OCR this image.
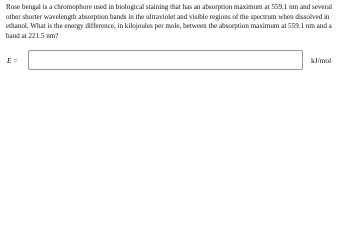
Rose bengal is a chromophore used in biological staining that has an absorption maximum at 559.1 nm and several other shorter wavelength absorption bands in the ultraviolet and visible regions of the spectrum when dissolved in ethanol. What is the energy difference, in kilojoules per mole, between the absorption maximum at 559.1 nm and a band at 221.5 nm?

E =	kJ/mol
